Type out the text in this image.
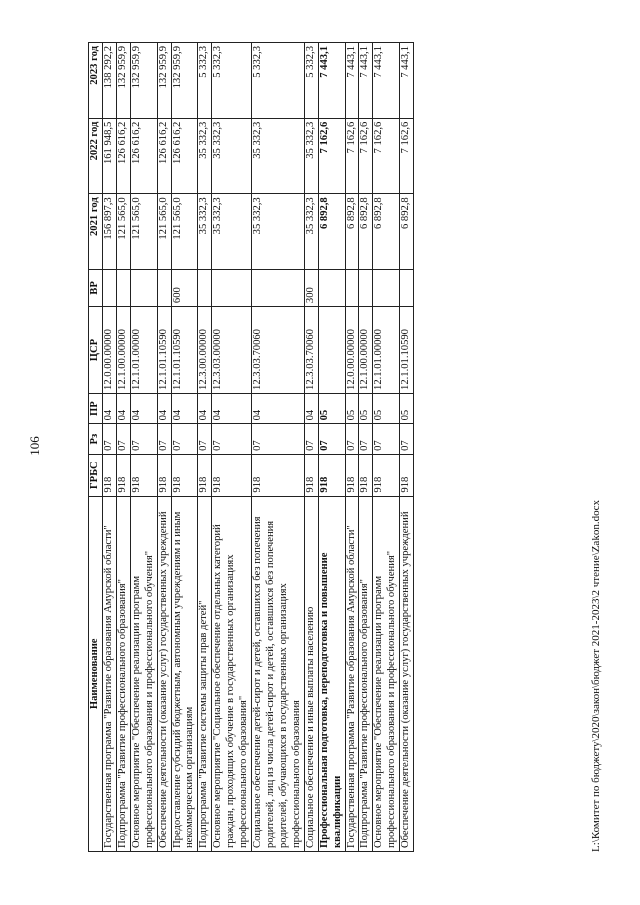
106
Наименование	ГРБС	Рз	ПР	ЦСР	ВР	2021 год	2022 год	2023 год
Государственная программа "Развитие образования Амурской области"	918	07	04	12.0.00.00000		156 897,3	161 948,5	138 292,2
Подпрограмма "Развитие профессионального образования"	918	07	04	12.1.00.00000		121 565,0	126 616,2	132 959,9
Основное мероприятие "Обеспечение реализации программ профессионального образования и профессионального обучения"	918	07	04	12.1.01.00000		121 565,0	126 616,2	132 959,9
Обеспечение деятельности (оказание услуг) государственных учреждений	918	07	04	12.1.01.10590		121 565,0	126 616,2	132 959,9
Предоставление субсидий бюджетным, автономным учреждениям и иным некоммерческим организациям	918	07	04	12.1.01.10590	600	121 565,0	126 616,2	132 959,9
Подпрограмма "Развитие системы защиты прав детей"	918	07	04	12.3.00.00000		35 332,3	35 332,3	5 332,3
Основное мероприятие "Социальное обеспечение отдельных категорий граждан, проходящих обучение в государственных организациях профессионального образования"	918	07	04	12.3.03.00000		35 332,3	35 332,3	5 332,3
Социальное обеспечение детей-сирот и детей, оставшихся без попечения родителей, лиц из числа детей-сирот и детей, оставшихся без попечения родителей, обучающихся в государственных организациях профессионального образования	918	07	04	12.3.03.70060		35 332,3	35 332,3	5 332,3
Социальное обеспечение и иные выплаты населению	918	07	04	12.3.03.70060	300	35 332,3	35 332,3	5 332,3
Профессиональная подготовка, переподготовка и повышение квалификации	918	07	05			6 892,8	7 162,6	7 443,1
Государственная программа "Развитие образования Амурской области"	918	07	05	12.0.00.00000		6 892,8	7 162,6	7 443,1
Подпрограмма "Развитие профессионального образования"	918	07	05	12.1.00.00000		6 892,8	7 162,6	7 443,1
Основное мероприятие "Обеспечение реализации программ профессионального образования и профессионального обучения"	918	07	05	12.1.01.00000		6 892,8	7 162,6	7 443,1
Обеспечение деятельности (оказание услуг) государственных учреждений	918	07	05	12.1.01.10590		6 892,8	7 162,6	7 443,1
L:\Комитет по бюджету\2020\закон\бюджет 2021-2023\2 чтение\Zakon.docx
